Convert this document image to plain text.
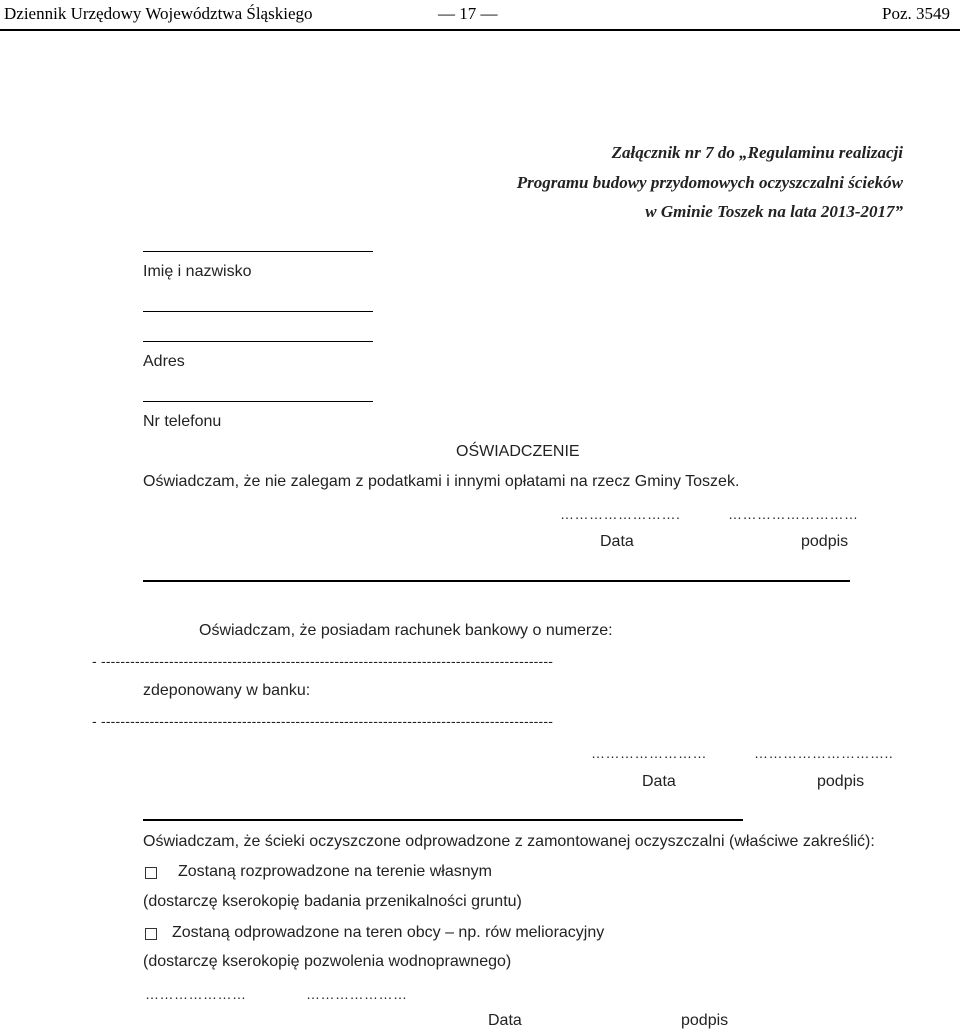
Dziennik Urzędowy Województwa Śląskiego	— 17 —	Poz. 3549
Załącznik nr 7 do „Regulaminu realizacji
Programu budowy przydomowych oczyszczalni ścieków
w Gminie Toszek na lata 2013-2017”
Imię i nazwisko
Adres
Nr telefonu
OŚWIADCZENIE
Oświadczam, że nie zalegam z podatkami i innymi opłatami na rzecz Gminy Toszek.
…………………….	………………………
Data	podpis
Oświadczam, że posiadam rachunek bankowy o numerze:
- ---------------------------------------------------------------------------------------------
zdeponowany w banku:
- ---------------------------------------------------------------------------------------------
……………………	………………………..
Data	podpis
Oświadczam, że ścieki oczyszczone odprowadzone z zamontowanej oczyszczalni (właściwe zakreślić):
Zostaną rozprowadzone na terenie własnym
(dostarczę kserokopię badania przenikalności gruntu)
Zostaną odprowadzone na teren obcy – np. rów melioracyjny
(dostarczę kserokopię pozwolenia wodnoprawnego)
…………………	…………………
Data	podpis
